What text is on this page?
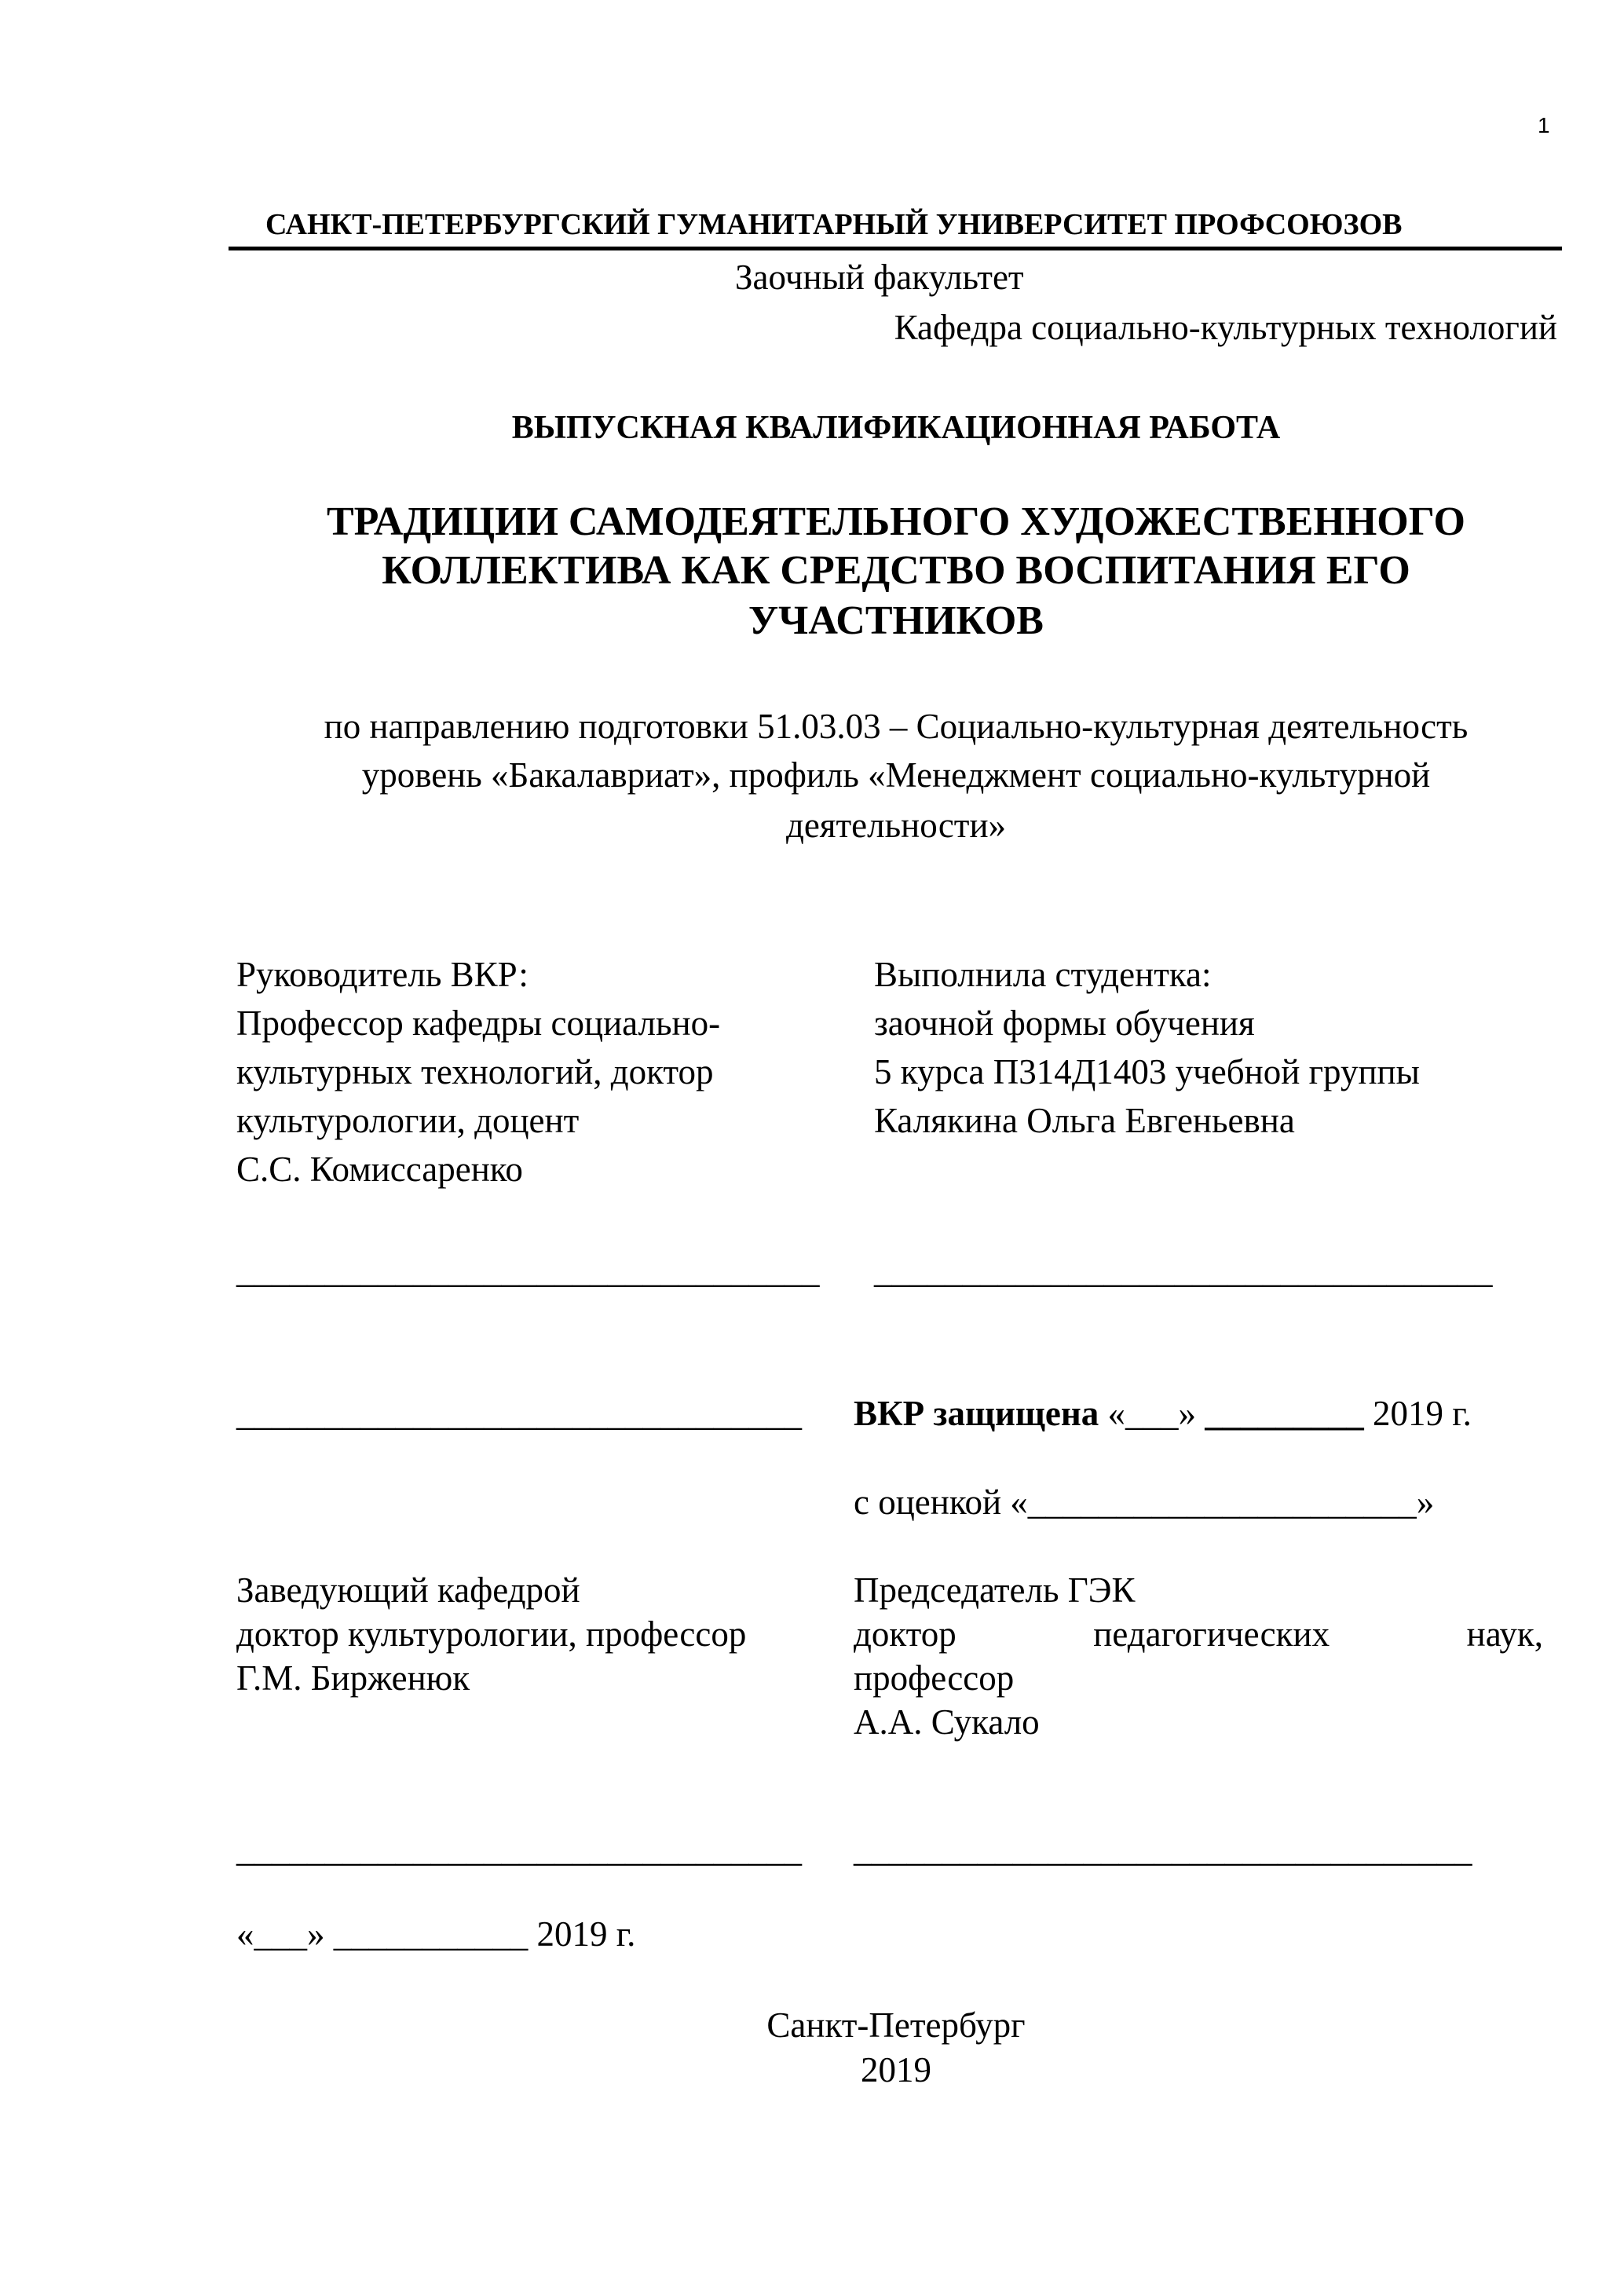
1
САНКТ-ПЕТЕРБУРГСКИЙ ГУМАНИТАРНЫЙ УНИВЕРСИТЕТ ПРОФСОЮЗОВ
Заочный факультет
Кафедра социально-культурных технологий
ВЫПУСКНАЯ КВАЛИФИКАЦИОННАЯ РАБОТА
ТРАДИЦИИ САМОДЕЯТЕЛЬНОГО ХУДОЖЕСТВЕННОГО
КОЛЛЕКТИВА КАК СРЕДСТВО ВОСПИТАНИЯ ЕГО
УЧАСТНИКОВ
по направлению подготовки 51.03.03 – Социально-культурная деятельность
уровень «Бакалавриат», профиль «Менеджмент социально-культурной
деятельности»
Руководитель ВКР:
Профессор кафедры социально-
культурных технологий, доктор
культурологии, доцент
С.С. Комиссаренко
Выполнила студентка:
заочной формы обучения
5 курса П314Д1403 учебной группы
Калякина Ольга Евгеньевна
_________________________________ ___________________________________
________________________________ ВКР защищена «___» _________ 2019 г.
с оценкой «______________________»
Заведующий кафедрой
доктор культурологии, профессор
Г.М. Бирженюк
Председатель ГЭК
доктор	педагогических	наук,
профессор
А.А. Сукало
________________________________ ___________________________________
«___» ___________ 2019 г.
Санкт-Петербург
2019
